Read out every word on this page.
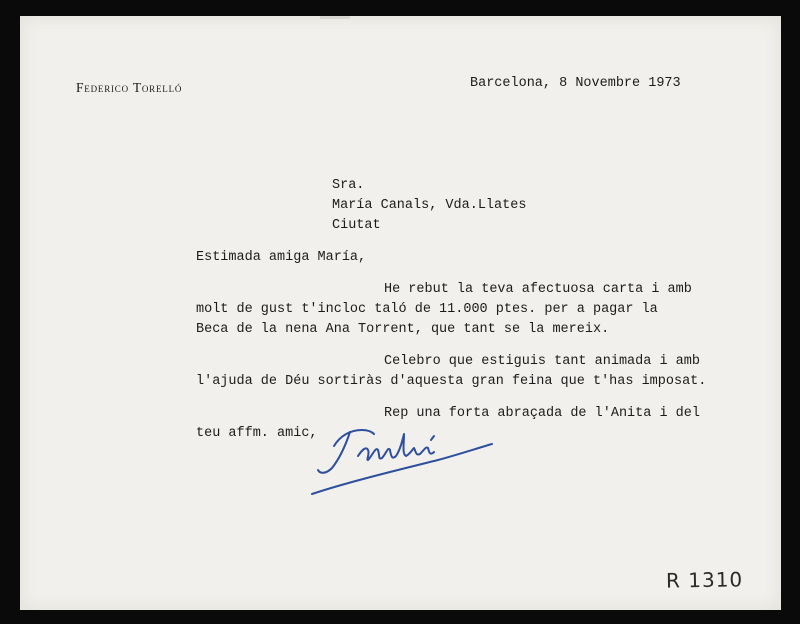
Federico Torelló	Barcelona, 8 Novembre 1973
Sra.
María Canals, Vda.Llates
Ciutat
Estimada amiga María,
He rebut la teva afectuosa carta i amb
molt de gust t'incloc taló de 11.000 ptes. per a pagar la
Beca de la nena Ana Torrent, que tant se la mereix.
Celebro que estiguis tant animada i amb
l'ajuda de Déu sortiràs d'aquesta gran feina que t'has imposat.
Rep una forta abraçada de l'Anita i del
teu affm. amic,
R 1310
